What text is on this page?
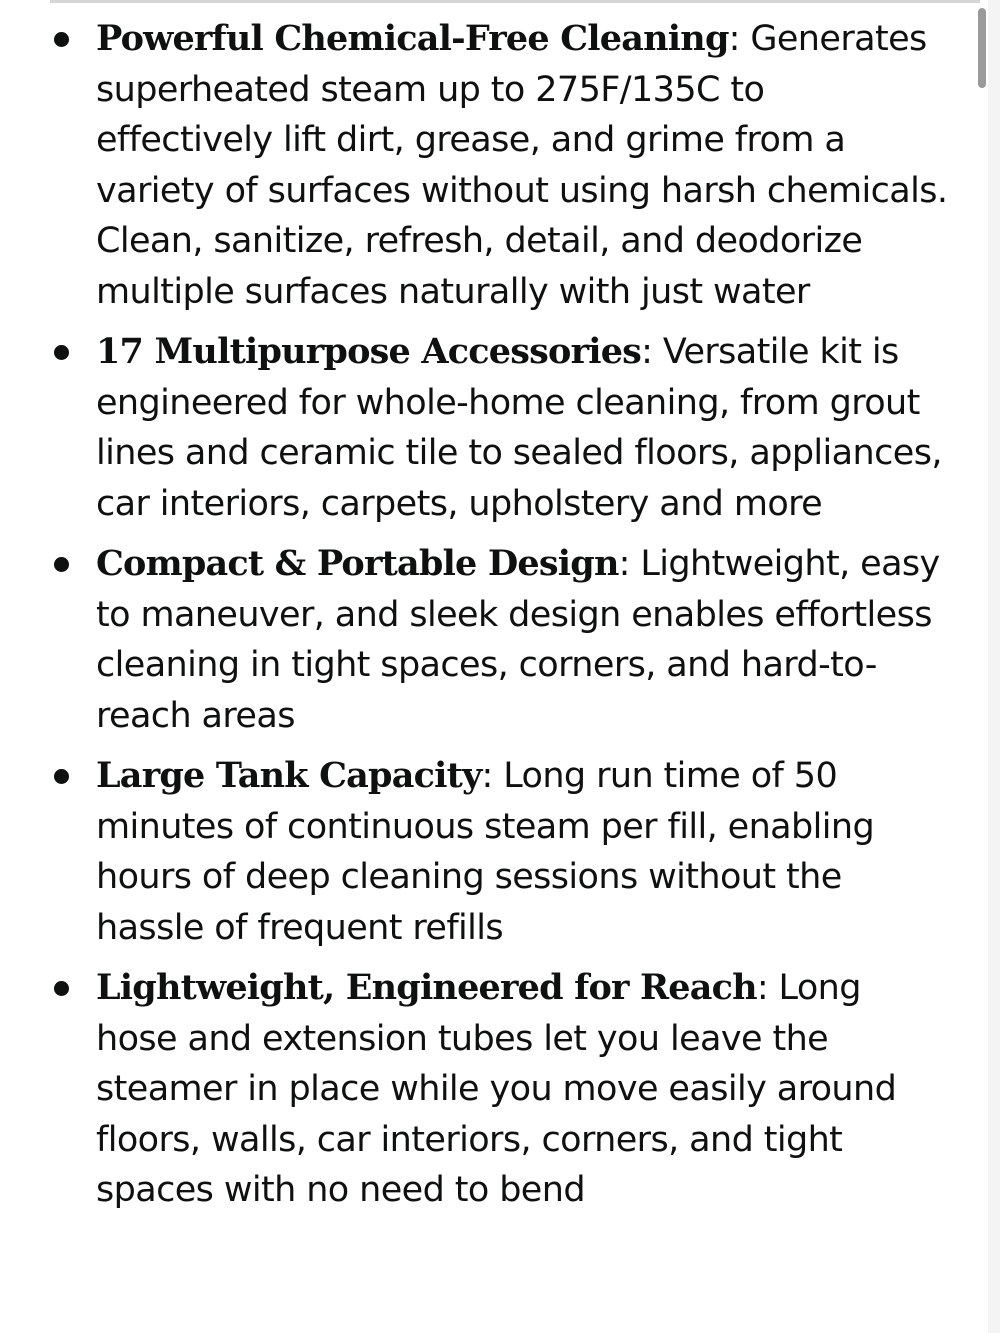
Powerful Chemical-Free Cleaning: Generates superheated steam up to 275F/135C to effectively lift dirt, grease, and grime from a variety of surfaces without using harsh chemicals. Clean, sanitize, refresh, detail, and deodorize multiple surfaces naturally with just water
17 Multipurpose Accessories: Versatile kit is engineered for whole-home cleaning, from grout lines and ceramic tile to sealed floors, appliances, car interiors, carpets, upholstery and more
Compact & Portable Design: Lightweight, easy to maneuver, and sleek design enables effortless cleaning in tight spaces, corners, and hard-to-reach areas
Large Tank Capacity: Long run time of 50 minutes of continuous steam per fill, enabling hours of deep cleaning sessions without the hassle of frequent refills
Lightweight, Engineered for Reach: Long hose and extension tubes let you leave the steamer in place while you move easily around floors, walls, car interiors, corners, and tight spaces with no need to bend
